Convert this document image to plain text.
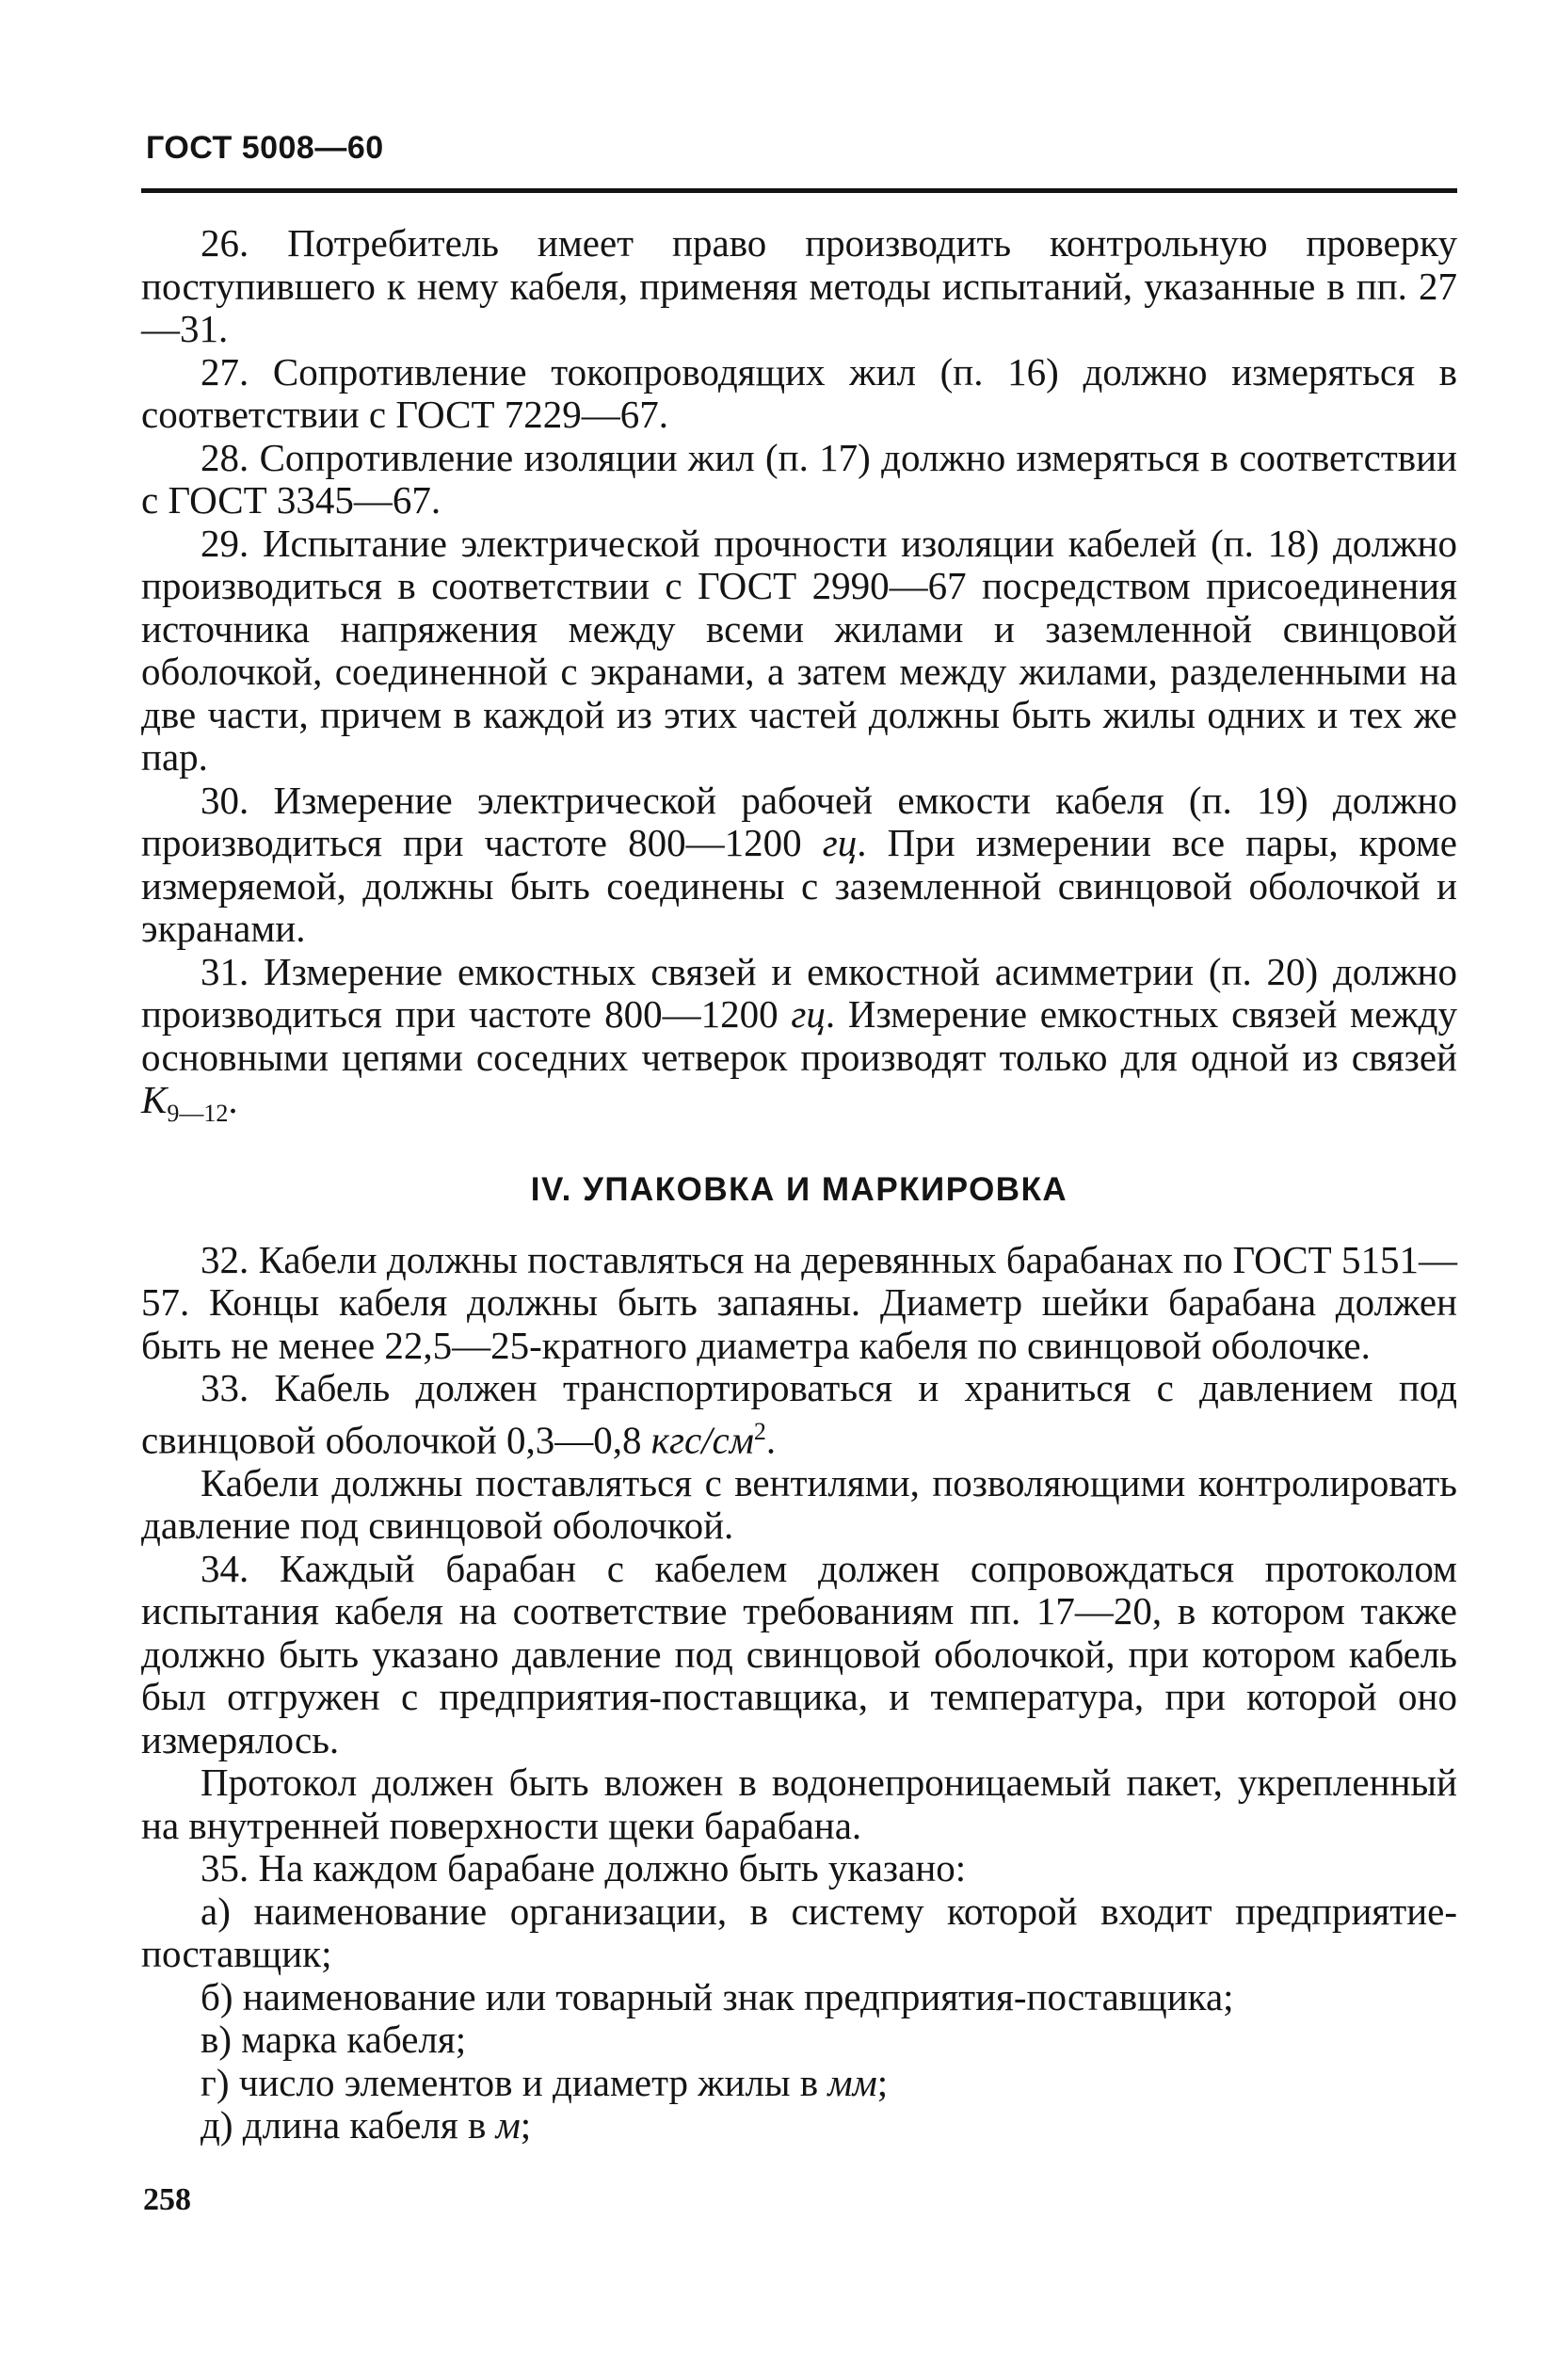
ГОСТ 5008—60

26. Потребитель имеет право производить контрольную проверку поступившего к нему кабеля, применяя методы испытаний, указанные в пп. 27—31.

27. Сопротивление токопроводящих жил (п. 16) должно измеряться в соответствии с ГОСТ 7229—67.

28. Сопротивление изоляции жил (п. 17) должно измеряться в соответствии с ГОСТ 3345—67.

29. Испытание электрической прочности изоляции кабелей (п. 18) должно производиться в соответствии с ГОСТ 2990—67 посредством присоединения источника напряжения между всеми жилами и заземленной свинцовой оболочкой, соединенной с экранами, а затем между жилами, разделенными на две части, причем в каждой из этих частей должны быть жилы одних и тех же пар.

30. Измерение электрической рабочей емкости кабеля (п. 19) должно производиться при частоте 800—1200 гц. При измерении все пары, кроме измеряемой, должны быть соединены с заземленной свинцовой оболочкой и экранами.

31. Измерение емкостных связей и емкостной асимметрии (п. 20) должно производиться при частоте 800—1200 гц. Измерение емкостных связей между основными цепями соседних четверок производят только для одной из связей $K_{9—12}$.

IV. УПАКОВКА И МАРКИРОВКА

32. Кабели должны поставляться на деревянных барабанах по ГОСТ 5151—57. Концы кабеля должны быть запаяны. Диаметр шейки барабана должен быть не менее 22,5—25-кратного диаметра кабеля по свинцовой оболочке.

33. Кабель должен транспортироваться и храниться с давлением под свинцовой оболочкой 0,3—0,8 кгс/$см^2$.

Кабели должны поставляться с вентилями, позволяющими контролировать давление под свинцовой оболочкой.

34. Каждый барабан с кабелем должен сопровождаться протоколом испытания кабеля на соответствие требованиям пп. 17—20, в котором также должно быть указано давление под свинцовой оболочкой, при котором кабель был отгружен с предприятия-поставщика, и температура, при которой оно измерялось.

Протокол должен быть вложен в водонепроницаемый пакет, укрепленный на внутренней поверхности щеки барабана.

35. На каждом барабане должно быть указано:

а) наименование организации, в систему которой входит предприятие-поставщик;
б) наименование или товарный знак предприятия-поставщика;
в) марка кабеля;
г) число элементов и диаметр жилы в мм;
д) длина кабеля в м;
258
